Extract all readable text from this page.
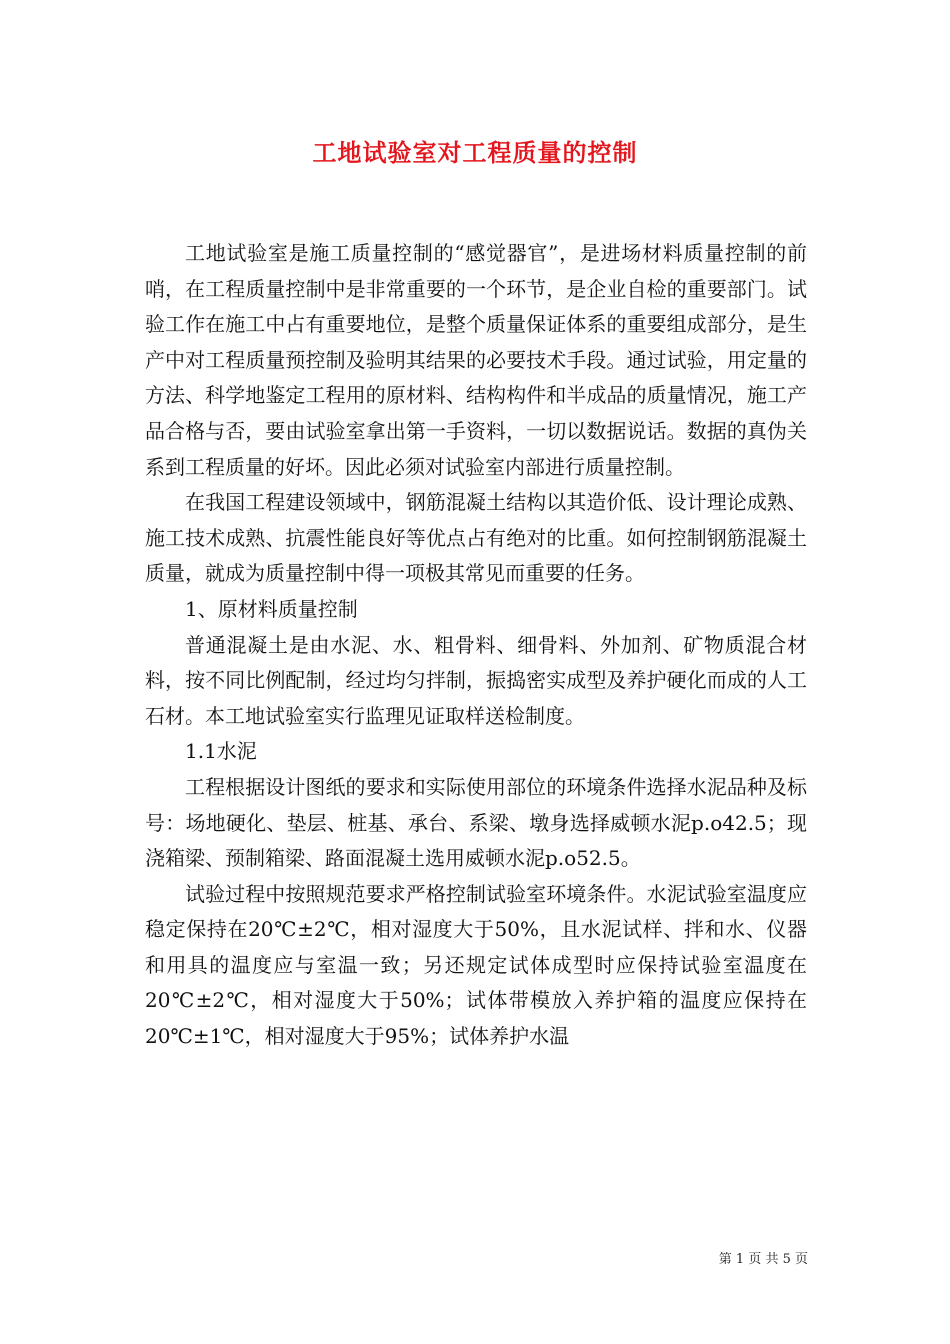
工地试验室对工程质量的控制

工地试验室是施工质量控制的“感觉器官”，是进场材料质量控制的前哨，在工程质量控制中是非常重要的一个环节，是企业自检的重要部门。试验工作在施工中占有重要地位，是整个质量保证体系的重要组成部分，是生产中对工程质量预控制及验明其结果的必要技术手段。通过试验，用定量的方法、科学地鉴定工程用的原材料、结构构件和半成品的质量情况，施工产品合格与否，要由试验室拿出第一手资料，一切以数据说话。数据的真伪关系到工程质量的好坏。因此必须对试验室内部进行质量控制。

在我国工程建设领域中，钢筋混凝土结构以其造价低、设计理论成熟、施工技术成熟、抗震性能良好等优点占有绝对的比重。如何控制钢筋混凝土质量，就成为质量控制中得一项极其常见而重要的任务。

1、原材料质量控制

普通混凝土是由水泥、水、粗骨料、细骨料、外加剂、矿物质混合材料，按不同比例配制，经过均匀拌制，振捣密实成型及养护硬化而成的人工石材。本工地试验室实行监理见证取样送检制度。

1.1水泥

工程根据设计图纸的要求和实际使用部位的环境条件选择水泥品种及标号：场地硬化、垫层、桩基、承台、系梁、墩身选择威顿水泥p.o42.5；现浇箱梁、预制箱梁、路面混凝土选用威顿水泥p.o52.5。

试验过程中按照规范要求严格控制试验室环境条件。水泥试验室温度应稳定保持在20℃±2℃，相对湿度大于50%，且水泥试样、拌和水、仪器和用具的温度应与室温一致；另还规定试体成型时应保持试验室温度在20℃±2℃，相对湿度大于50%；试体带模放入养护箱的温度应保持在20℃±1℃，相对湿度大于95%；试体养护水温

第 1 页 共 5 页
